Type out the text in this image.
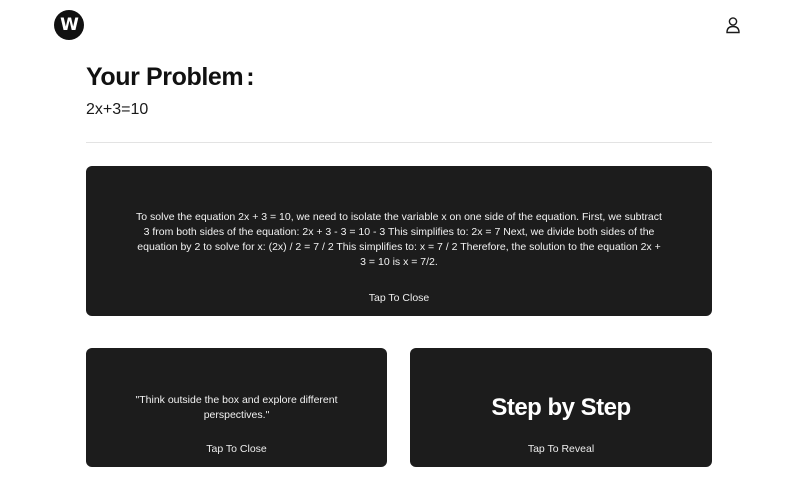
W
Your Problem :
2x+3=10
To solve the equation 2x + 3 = 10, we need to isolate the variable x on one side of the equation. First, we subtract 3 from both sides of the equation: 2x + 3 - 3 = 10 - 3 This simplifies to: 2x = 7 Next, we divide both sides of the equation by 2 to solve for x: (2x) / 2 = 7 / 2 This simplifies to: x = 7 / 2 Therefore, the solution to the equation 2x + 3 = 10 is x = 7/2.
Tap To Close
"Think outside the box and explore different perspectives."
Tap To Close
Step by Step
Tap To Reveal
